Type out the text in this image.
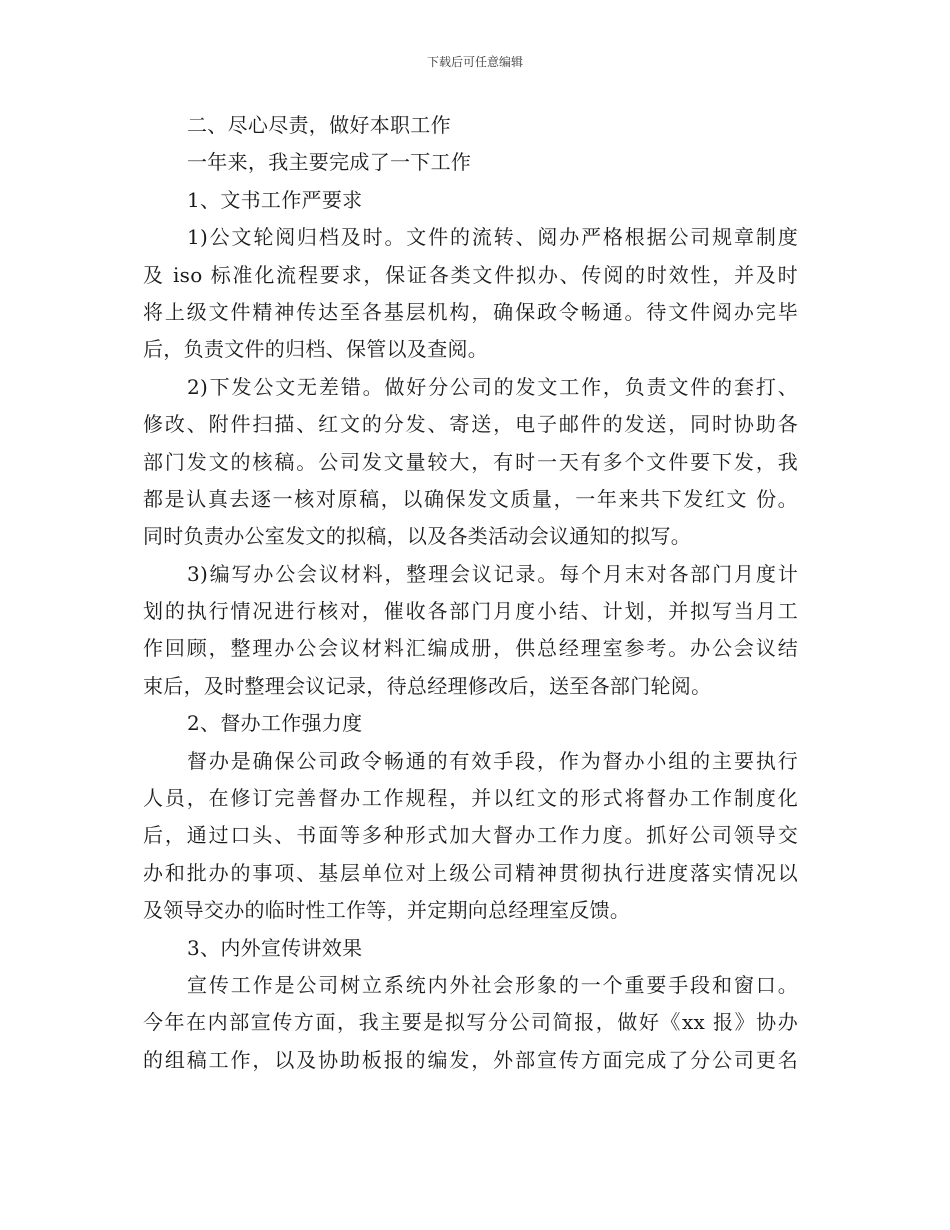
下载后可任意编辑
二、尽心尽责，做好本职工作
一年来，我主要完成了一下工作
1、文书工作严要求
1)公文轮阅归档及时。文件的流转、阅办严格根据公司规章制度
及 iso 标准化流程要求，保证各类文件拟办、传阅的时效性，并及时
将上级文件精神传达至各基层机构，确保政令畅通。待文件阅办完毕
后，负责文件的归档、保管以及查阅。
2)下发公文无差错。做好分公司的发文工作，负责文件的套打、
修改、附件扫描、红文的分发、寄送，电子邮件的发送，同时协助各
部门发文的核稿。公司发文量较大，有时一天有多个文件要下发，我
都是认真去逐一核对原稿，以确保发文质量，一年来共下发红文 份。
同时负责办公室发文的拟稿，以及各类活动会议通知的拟写。
3)编写办公会议材料，整理会议记录。每个月末对各部门月度计
划的执行情况进行核对，催收各部门月度小结、计划，并拟写当月工
作回顾，整理办公会议材料汇编成册，供总经理室参考。办公会议结
束后，及时整理会议记录，待总经理修改后，送至各部门轮阅。
2、督办工作强力度
督办是确保公司政令畅通的有效手段，作为督办小组的主要执行
人员，在修订完善督办工作规程，并以红文的形式将督办工作制度化
后，通过口头、书面等多种形式加大督办工作力度。抓好公司领导交
办和批办的事项、基层单位对上级公司精神贯彻执行进度落实情况以
及领导交办的临时性工作等，并定期向总经理室反馈。
3、内外宣传讲效果
宣传工作是公司树立系统内外社会形象的一个重要手段和窗口。
今年在内部宣传方面，我主要是拟写分公司简报，做好《xx 报》协办
的组稿工作，以及协助板报的编发，外部宣传方面完成了分公司更名
